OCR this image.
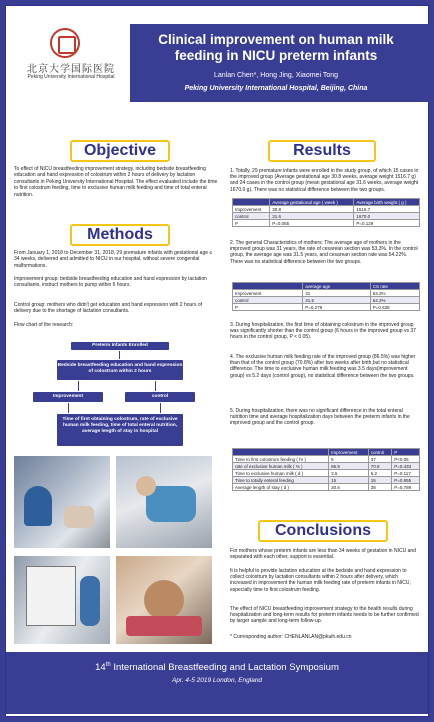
北京大学国际医院
Peking University International Hospital
Clinical improvement on human milk
feeding in NICU preterm infants
Lanlan Chen*, Hong Jing, Xiaomei Tong
Peking University International Hospital, Beijing, China
Objective
To effect of NICU breastfeeding improvement strategy, including bedside breastfeeding education and hand expression of colostrum within 2 hours of delivery by lactation consultants in Peking University International Hospital. The effect evaluated include the time to first colostrum feeding, time to exclusive human milk feeding and time of total enteral nutrition.
Methods
From January 1, 2018 to December 31, 2018, 29 premature infants with gestational age ≤ 34 weeks, delivered and admitted to NICU in our hospital, without severe congenital malformations.
Improvement group: bedside breastfeeding education and hand expression by lactation consultants, instruct mothers to pump within 6 hours.
Control group: mothers who didn't get education and hand expression with 2 hours of delivery due to the shortage of lactation consultants.
Flow chart of the research:
Preterm Infants Enrolled
Bedside breastfeeding education and hand expression of colostrum within 2 hours
Improvement	control
Time of first obtaining colostrum, rate of exclusive human milk feeding, time of total enteral nutrition, average length of stay in hospital
Results
1. Totally, 29 premature infants were enrolled in the study group, of which 15 cases in the improved group (Average gestational age 30.8 weeks, average weight 1516.7 g) and 24 cases in the control group (mean gestational age 31.6 weeks, average weight 1670.0 g). There was no statistical difference between the two groups.
	Average gestational age ( week )	Average birth weight ( g )
Improvement	30.8	1516.7
control	31.6	1670.0
P	P=0.065	P=0.129
2. The general Characteristics of mothers: The average age of mothers in the improved group was 31 years, the rate of cesarean section was 53.3%. In the control group, the average age was 31.5 years, and cesarean section rate was 54.22%. There was no statistical difference between the two groups.
	average age	CS rate
Improvement	31	53.3%
control	31.5	54.2%
P	P=0.279	P=0.638
3. During hospitalization, the first time of obtaining colostrum in the improved group was significantly shorter than the control group (6 hours in the improved group vs 37 hours in the control group, P < 0.05).
4. The exclusive human milk feeding rate of the improved group (86.5%) was higher than that of the control group (70.8%) after two weeks after birth,but no statistical difference. The time to exclusive human milk feeding was 3.5 days(improvement group) vs 5.2 days (control group), no statistical difference between the two groups.
5. During hospitalization, there was no significant difference in the total enteral nutrition time and average hospitalization days between the preterm infants in the improved group and the control group.
	Improvement	control	P
Time to first colostrum feeding ( hr )	6	37	P<0.05
rate of exclusive human milk ( % )	86.5	70.8	P=0.433
Time to exclusive human milk ( d )	3.5	5.2	P=0.117
Time to totally enteral feeding	15	15	P=0.955
Average length of stay ( d )	30.6	28	P=0.789
Conclusions
For mothers whose preterm infants are less than 34 weeks of gestation in NICU and separated with each other, support is essential.
It is helpful to provide lactation education at the bedside and hand expression to collect colostrum by lactation consultants within 2 hours after delivery, which increased in improvement the human milk feeding rate of preterm infants in NICU, especially time to first colostrum feeding.
The effect of NICU breastfeeding improvement strategy to the health results during hospitalization and long-term results for preterm infants needs to be further confirmed by larger sample and long-term follow-up.
* Corresponding author: CHENLANLAN@pkuih.edu.cn
14th International Breastfeeding and Lactation Symposium
Apr. 4-5 2019 London, England
